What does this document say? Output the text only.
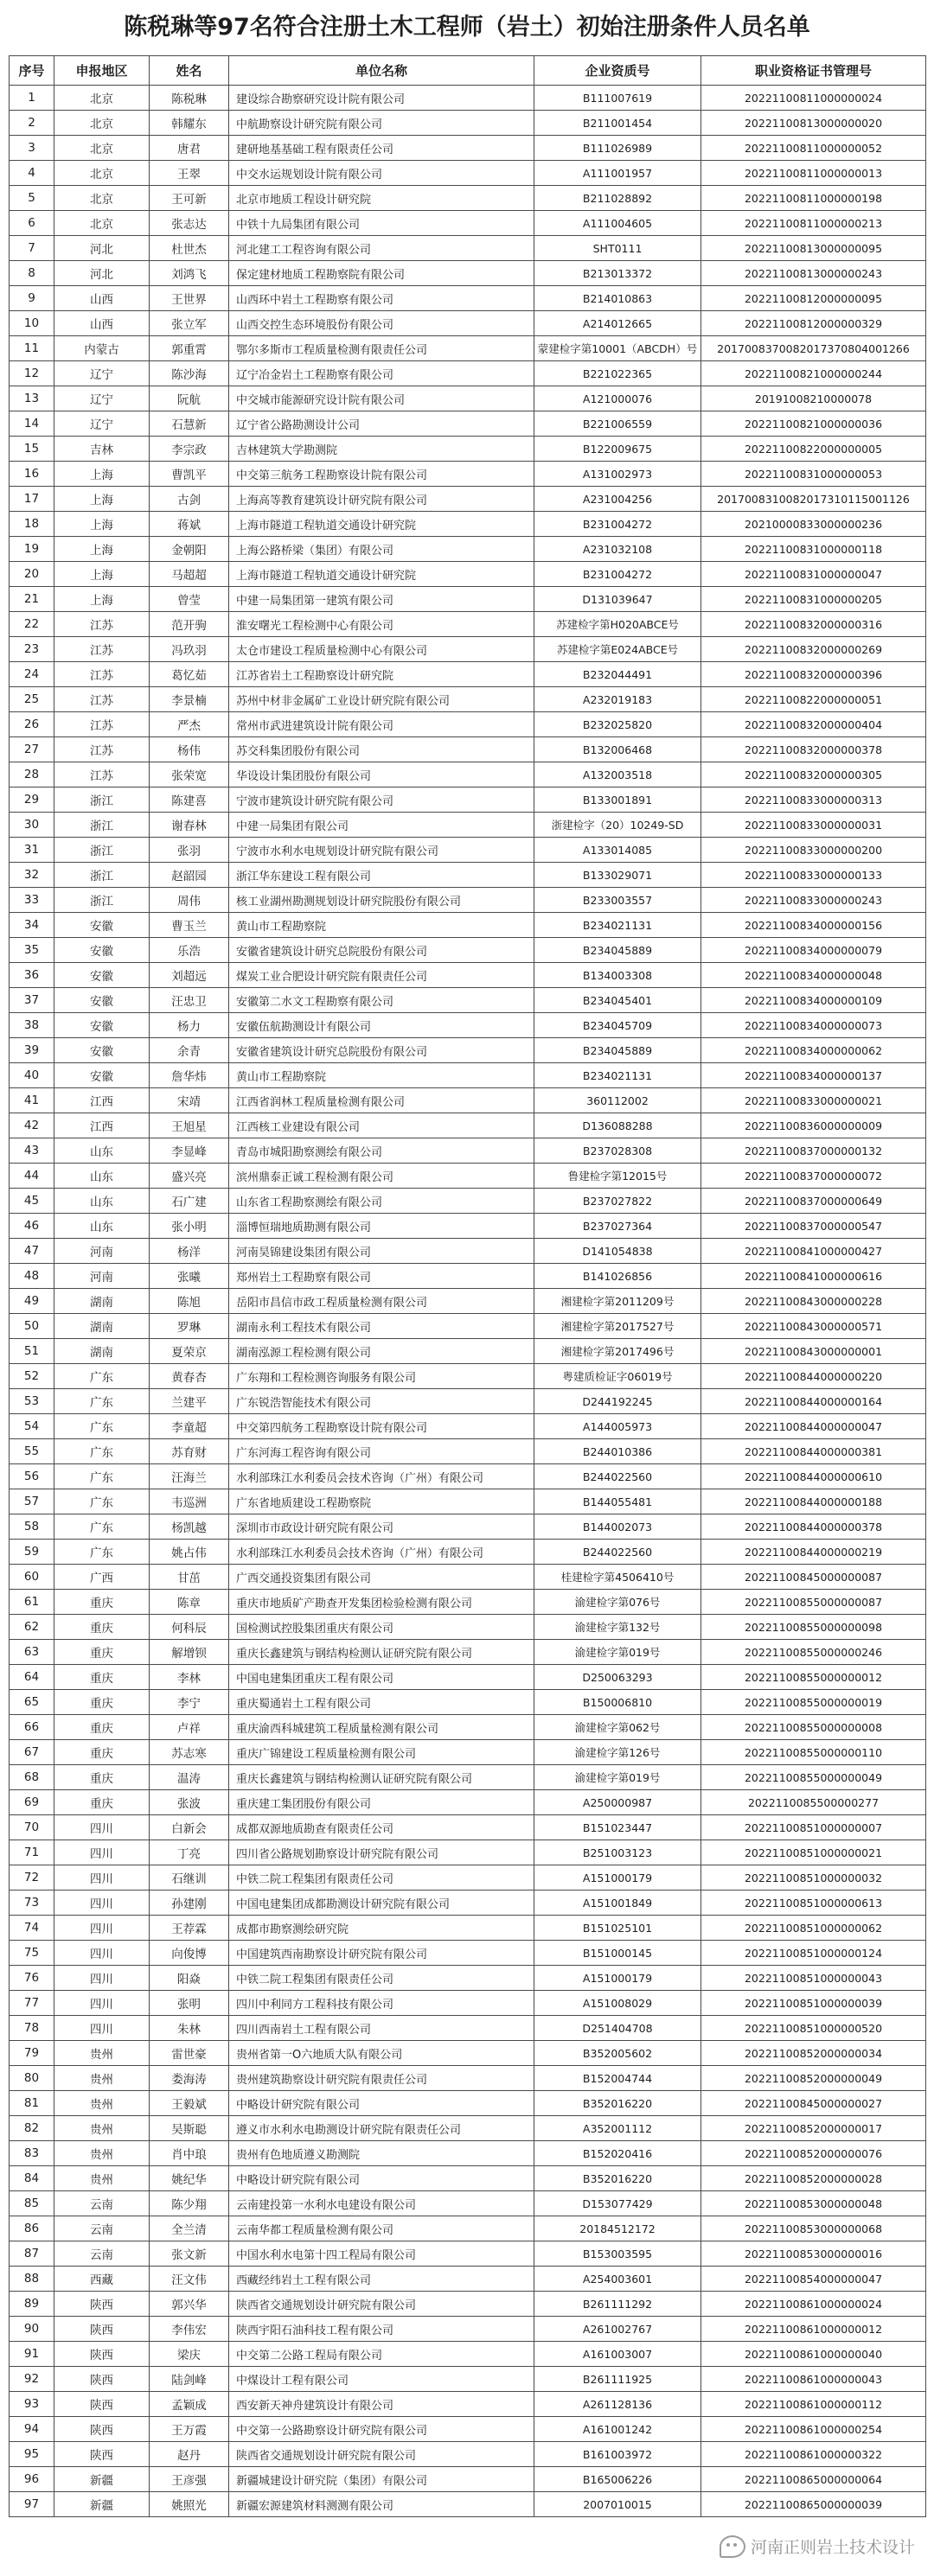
陈税琳等97名符合注册土木工程师（岩土）初始注册条件人员名单
序号	申报地区	姓名	单位名称	企业资质号	职业资格证书管理号
1	北京	陈税琳	建设综合勘察研究设计院有限公司	B111007619	20221100811000000024
2	北京	韩耀东	中航勘察设计研究院有限公司	B211001454	20221100813000000020
3	北京	唐君	建研地基基础工程有限责任公司	B111026989	20221100811000000052
4	北京	王翠	中交水运规划设计院有限公司	A111001957	20221100811000000013
5	北京	王可新	北京市地质工程设计研究院	B211028892	20221100811000000198
6	北京	张志达	中铁十九局集团有限公司	A111004605	20221100811000000213
7	河北	杜世杰	河北建工工程咨询有限公司	SHT0111	20221100813000000095
8	河北	刘鸿飞	保定建材地质工程勘察院有限公司	B213013372	20221100813000000243
9	山西	王世界	山西环中岩土工程勘察有限公司	B214010863	20221100812000000095
10	山西	张立军	山西交控生态环境股份有限公司	A214012665	20221100812000000329
11	内蒙古	郭重霄	鄂尔多斯市工程质量检测有限责任公司	蒙建检字第10001（ABCDH）号	2017008370082017370804001266
12	辽宁	陈沙海	辽宁冶金岩土工程勘察有限公司	B221022365	20221100821000000244
13	辽宁	阮航	中交城市能源研究设计院有限公司	A121000076	20191008210000078
14	辽宁	石慧新	辽宁省公路勘测设计公司	B221006559	20221100821000000036
15	吉林	李宗政	吉林建筑大学勘测院	B122009675	20221100822000000005
16	上海	曹凯平	中交第三航务工程勘察设计院有限公司	A131002973	20221100831000000053
17	上海	古剑	上海高等教育建筑设计研究院有限公司	A231004256	2017008310082017310115001126
18	上海	蒋斌	上海市隧道工程轨道交通设计研究院	B231004272	20210000833000000236
19	上海	金朝阳	上海公路桥梁（集团）有限公司	A231032108	20221100831000000118
20	上海	马超超	上海市隧道工程轨道交通设计研究院	B231004272	20221100831000000047
21	上海	曾莹	中建一局集团第一建筑有限公司	D131039647	20221100831000000205
22	江苏	范开驹	淮安曙光工程检测中心有限公司	苏建检字第H020ABCE号	20221100832000000316
23	江苏	冯玖羽	太仓市建设工程质量检测中心有限公司	苏建检字第E024ABCE号	20221100832000000269
24	江苏	葛忆茹	江苏省岩土工程勘察设计研究院	B232044491	20221100832000000396
25	江苏	李景楠	苏州中材非金属矿工业设计研究院有限公司	A232019183	20221100822000000051
26	江苏	严杰	常州市武进建筑设计院有限公司	B232025820	20221100832000000404
27	江苏	杨伟	苏交科集团股份有限公司	B132006468	20221100832000000378
28	江苏	张荣宽	华设设计集团股份有限公司	A132003518	20221100832000000305
29	浙江	陈建喜	宁波市建筑设计研究院有限公司	B133001891	20221100833000000313
30	浙江	谢春林	中建一局集团有限公司	浙建检字（20）10249-SD	20221100833000000031
31	浙江	张羽	宁波市水利水电规划设计研究院有限公司	A133014085	20221100833000000200
32	浙江	赵韶园	浙江华东建设工程有限公司	B133029071	20221100833000000133
33	浙江	周伟	核工业湖州勘测规划设计研究院股份有限公司	B233003557	20221100833000000243
34	安徽	曹玉兰	黄山市工程勘察院	B234021131	20221100834000000156
35	安徽	乐浩	安徽省建筑设计研究总院股份有限公司	B234045889	20221100834000000079
36	安徽	刘超远	煤炭工业合肥设计研究院有限责任公司	B134003308	20221100834000000048
37	安徽	汪忠卫	安徽第二水文工程勘察有限公司	B234045401	20221100834000000109
38	安徽	杨力	安徽伍航勘测设计有限公司	B234045709	20221100834000000073
39	安徽	余青	安徽省建筑设计研究总院股份有限公司	B234045889	20221100834000000062
40	安徽	詹华炜	黄山市工程勘察院	B234021131	20221100834000000137
41	江西	宋靖	江西省润林工程质量检测有限公司	360112002	20221100833000000021
42	江西	王旭星	江西核工业建设有限公司	D136088288	20221100836000000009
43	山东	李显峰	青岛市城阳勘察测绘有限公司	B237028308	20221100837000000132
44	山东	盛兴亮	滨州鼎泰正诚工程检测有限公司	鲁建检字第12015号	20221100837000000072
45	山东	石广建	山东省工程勘察测绘有限公司	B237027822	20221100837000000649
46	山东	张小明	淄博恒瑞地质勘测有限公司	B237027364	20221100837000000547
47	河南	杨洋	河南昊锦建设集团有限公司	D141054838	20221100841000000427
48	河南	张曦	郑州岩土工程勘察有限公司	B141026856	20221100841000000616
49	湖南	陈旭	岳阳市昌信市政工程质量检测有限公司	湘建检字第2011209号	20221100843000000228
50	湖南	罗琳	湖南永利工程技术有限公司	湘建检字第2017527号	20221100843000000571
51	湖南	夏荣京	湖南泓源工程检测有限公司	湘建检字第2017496号	20221100843000000001
52	广东	黄春杏	广东翔和工程检测咨询服务有限公司	粤建质检证字06019号	20221100844000000220
53	广东	兰建平	广东锐浩智能技术有限公司	D244192245	20221100844000000164
54	广东	李童超	中交第四航务工程勘察设计院有限公司	A144005973	20221100844000000047
55	广东	苏育财	广东河海工程咨询有限公司	B244010386	20221100844000000381
56	广东	汪海兰	水利部珠江水利委员会技术咨询（广州）有限公司	B244022560	20221100844000000610
57	广东	韦巡洲	广东省地质建设工程勘察院	B144055481	20221100844000000188
58	广东	杨凯越	深圳市市政设计研究院有限公司	B144002073	20221100844000000378
59	广东	姚占伟	水利部珠江水利委员会技术咨询（广州）有限公司	B244022560	20221100844000000219
60	广西	甘茁	广西交通投资集团有限公司	桂建检字第4506410号	20221100845000000087
61	重庆	陈章	重庆市地质矿产勘查开发集团检验检测有限公司	渝建检字第076号	20221100855000000087
62	重庆	何科辰	国检测试控股集团重庆有限公司	渝建检字第132号	20221100855000000098
63	重庆	解增钡	重庆长鑫建筑与钢结构检测认证研究院有限公司	渝建检字第019号	20221100855000000246
64	重庆	李林	中国电建集团重庆工程有限公司	D250063293	20221100855000000012
65	重庆	李宁	重庆蜀通岩土工程有限公司	B150006810	20221100855000000019
66	重庆	卢祥	重庆渝西科城建筑工程质量检测有限公司	渝建检字第062号	20221100855000000008
67	重庆	苏志寒	重庆广锦建设工程质量检测有限公司	渝建检字第126号	20221100855000000110
68	重庆	温涛	重庆长鑫建筑与钢结构检测认证研究院有限公司	渝建检字第019号	20221100855000000049
69	重庆	张波	重庆建工集团股份有限公司	A250000987	2022110085500000277
70	四川	白新会	成都双源地质勘查有限责任公司	B151023447	20221100851000000007
71	四川	丁亮	四川省公路规划勘察设计研究院有限公司	B251003123	20221100851000000021
72	四川	石继训	中铁二院工程集团有限责任公司	A151000179	20221100851000000032
73	四川	孙建刚	中国电建集团成都勘测设计研究院有限公司	A151001849	20221100851000000613
74	四川	王荐霖	成都市勘察测绘研究院	B151025101	20221100851000000062
75	四川	向俊博	中国建筑西南勘察设计研究院有限公司	B151000145	20221100851000000124
76	四川	阳焱	中铁二院工程集团有限责任公司	A151000179	20221100851000000043
77	四川	张明	四川中利同方工程科技有限公司	A151008029	20221100851000000039
78	四川	朱林	四川西南岩土工程有限公司	D251404708	20221100851000000520
79	贵州	雷世豪	贵州省第一O六地质大队有限公司	B352005602	20221100852000000034
80	贵州	娄海涛	贵州建筑勘察设计研究院有限责任公司	B152004744	20221100852000000049
81	贵州	王毅斌	中略设计研究院有限公司	B352016220	20221100845000000027
82	贵州	吴斯聪	遵义市水利水电勘测设计研究院有限责任公司	A352001112	20221100852000000017
83	贵州	肖中琅	贵州有色地质遵义勘测院	B152020416	20221100852000000076
84	贵州	姚纪华	中略设计研究院有限公司	B352016220	20221100852000000028
85	云南	陈少翔	云南建投第一水利水电建设有限公司	D153077429	20221100853000000048
86	云南	全兰清	云南华都工程质量检测有限公司	20184512172	20221100853000000068
87	云南	张文新	中国水利水电第十四工程局有限公司	B153003595	20221100853000000016
88	西藏	汪文伟	西藏经纬岩土工程有限公司	A254003601	20221100854000000047
89	陕西	郭兴华	陕西省交通规划设计研究院有限公司	B261111292	20221100861000000024
90	陕西	李伟宏	陕西宇阳石油科技工程有限公司	A261002767	20221100861000000012
91	陕西	梁庆	中交第二公路工程局有限公司	A161003007	20221100861000000040
92	陕西	陆剑峰	中煤设计工程有限公司	B261111925	20221100861000000043
93	陕西	孟颖成	西安新天神舟建筑设计有限公司	A261128136	20221100861000000112
94	陕西	王万霞	中交第一公路勘察设计研究院有限公司	A161001242	20221100861000000254
95	陕西	赵丹	陕西省交通规划设计研究院有限公司	B161003972	20221100861000000322
96	新疆	王彦强	新疆城建设计研究院（集团）有限公司	B165006226	20221100865000000064
97	新疆	姚照光	新疆宏源建筑材料测测有限公司	2007010015	20221100865000000039
河南正则岩土技术设计
